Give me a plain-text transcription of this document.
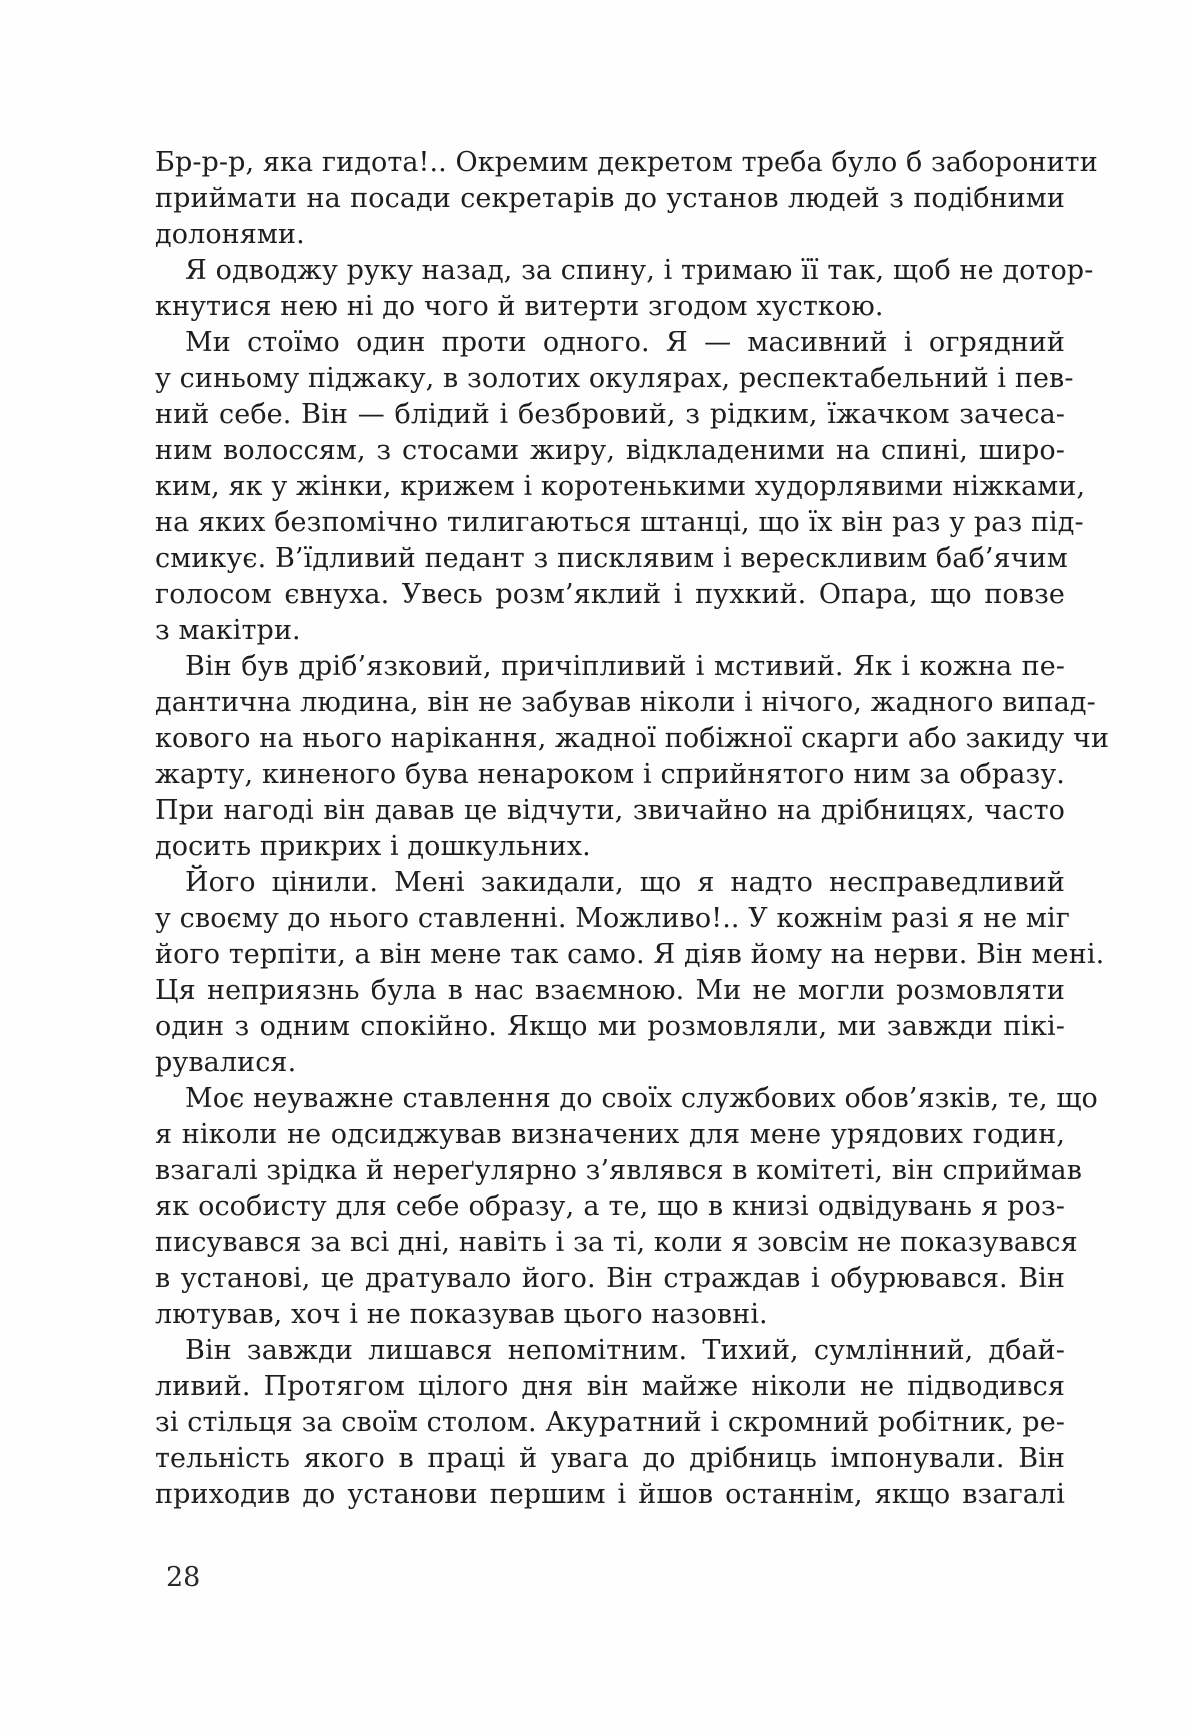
Бр-р-р, яка гидота!.. Окремим декретом треба було б заборонити
приймати на посади секретарів до установ людей з подібними
долонями.
Я одводжу руку назад, за спину, і тримаю її так, щоб не дотор-
кнутися нею ні до чого й витерти згодом хусткою.
Ми стоїмо один проти одного. Я — масивний і огрядний
у синьому піджаку, в золотих окулярах, респектабельний і пев-
ний себе. Він — блідий і безбровий, з рідким, їжачком зачеса-
ним волоссям, з стосами жиру, відкладеними на спині, широ-
ким, як у жінки, крижем і коротенькими худорлявими ніжками,
на яких безпомічно тилигаються штанці, що їх він раз у раз під-
смикує. В’їдливий педант з писклявим і верескливим баб’ячим
голосом євнуха. Увесь розм’яклий і пухкий. Опара, що повзе
з макітри.
Він був дріб’язковий, причіпливий і мстивий. Як і кожна пе-
дантична людина, він не забував ніколи і нічого, жадного випад-
кового на нього нарікання, жадної побіжної скарги або закиду чи
жарту, киненого бува ненароком і сприйнятого ним за образу.
При нагоді він давав це відчути, звичайно на дрібницях, часто
досить прикрих і дошкульних.
Його цінили. Мені закидали, що я надто несправедливий
у своєму до нього ставленні. Можливо!.. У кожнім разі я не міг
його терпіти, а він мене так само. Я діяв йому на нерви. Він мені.
Ця неприязнь була в нас взаємною. Ми не могли розмовляти
один з одним спокійно. Якщо ми розмовляли, ми завжди пікі-
рувалися.
Моє неуважне ставлення до своїх службових обов’язків, те, що
я ніколи не одсиджував визначених для мене урядових годин,
взагалі зрідка й нереґулярно з’являвся в комітеті, він сприймав
як особисту для себе образу, а те, що в книзі одвідувань я роз-
писувався за всі дні, навіть і за ті, коли я зовсім не показувався
в установі, це дратувало його. Він страждав і обурювався. Він
лютував, хоч і не показував цього назовні.
Він завжди лишався непомітним. Тихий, сумлінний, дбай-
ливий. Протягом цілого дня він майже ніколи не підводився
зі стільця за своїм столом. Акуратний і скромний робітник, ре-
тельність якого в праці й увага до дрібниць імпонували. Він
приходив до установи першим і йшов останнім, якщо взагалі
28
